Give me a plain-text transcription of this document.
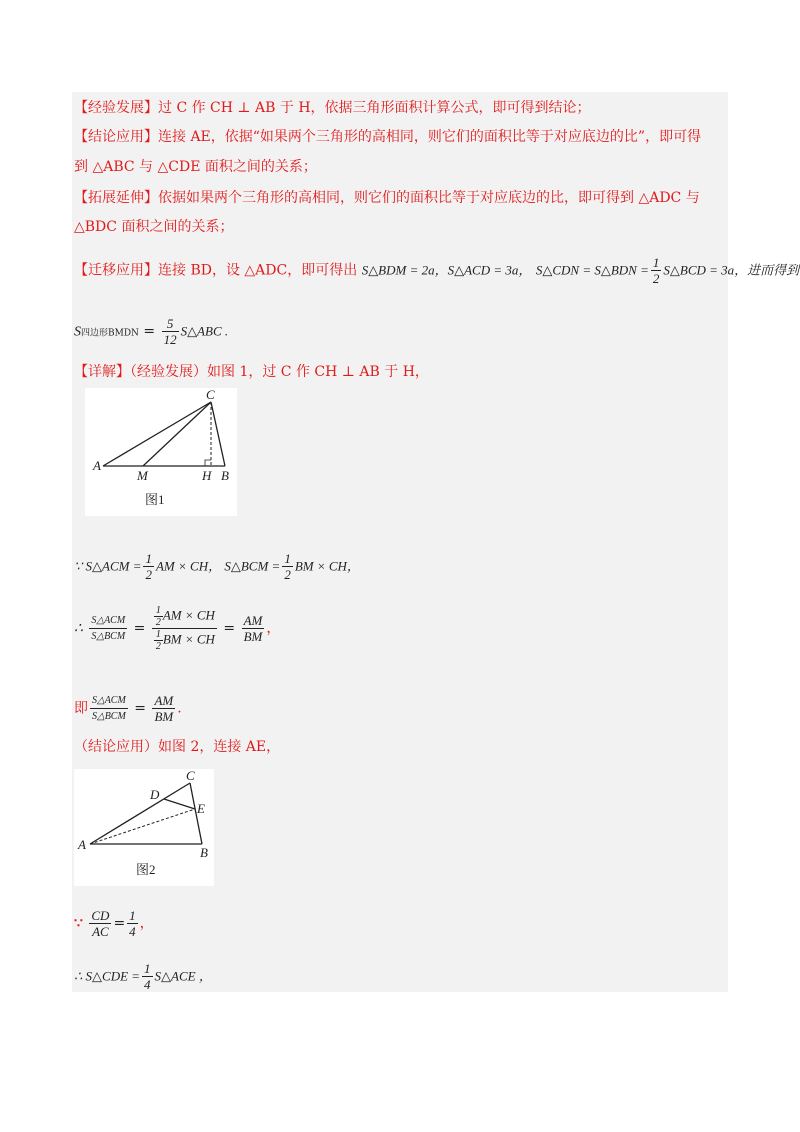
【经验发展】过 C 作 CH ⊥ AB 于 H，依据三角形面积计算公式，即可得到结论；
【结论应用】连接 AE，依据“如果两个三角形的高相同，则它们的面积比等于对应底边的比”，即可得
到 △ABC 与 △CDE 面积之间的关系；
【拓展延伸】依据如果两个三角形的高相同，则它们的面积比等于对应底边的比，即可得到 △ADC 与
△BDC 面积之间的关系；
【迁移应用】连接 BD，设 △ADC，即可得出 S△BDM = 2a，S△ACD = 3a， S△CDN = S△BDN = $\frac{1}{2}$ S△BCD = 3a，进而得到
S四边形BMDN = $\frac{5}{12}$ S△ABC .
【详解】（经验发展）如图 1，过 C 作 CH ⊥ AB 于 H，
A
M	H B
C
图1
∵ S△ACM = $\frac{1}{2}$ AM × CH， S△BCM = $\frac{1}{2}$ BM × CH，
∴ $\frac{\text{S△ACM}}{\text{S△BCM}} = \frac{\frac{1}{2} AM \times CH}{\frac{1}{2} BM \times CH} = \frac{AM}{BM}$ ，
即 $\frac{\text{S△ACM}}{\text{S△BCM}} = \frac{AM}{BM}$ .
（结论应用）如图 2，连接 AE，
A
B
C
D
E
图2
∵ $\frac{CD}{AC} = \frac{1}{4}$ ，
∴ S△CDE = $\frac{1}{4}$ S△ACE ，
